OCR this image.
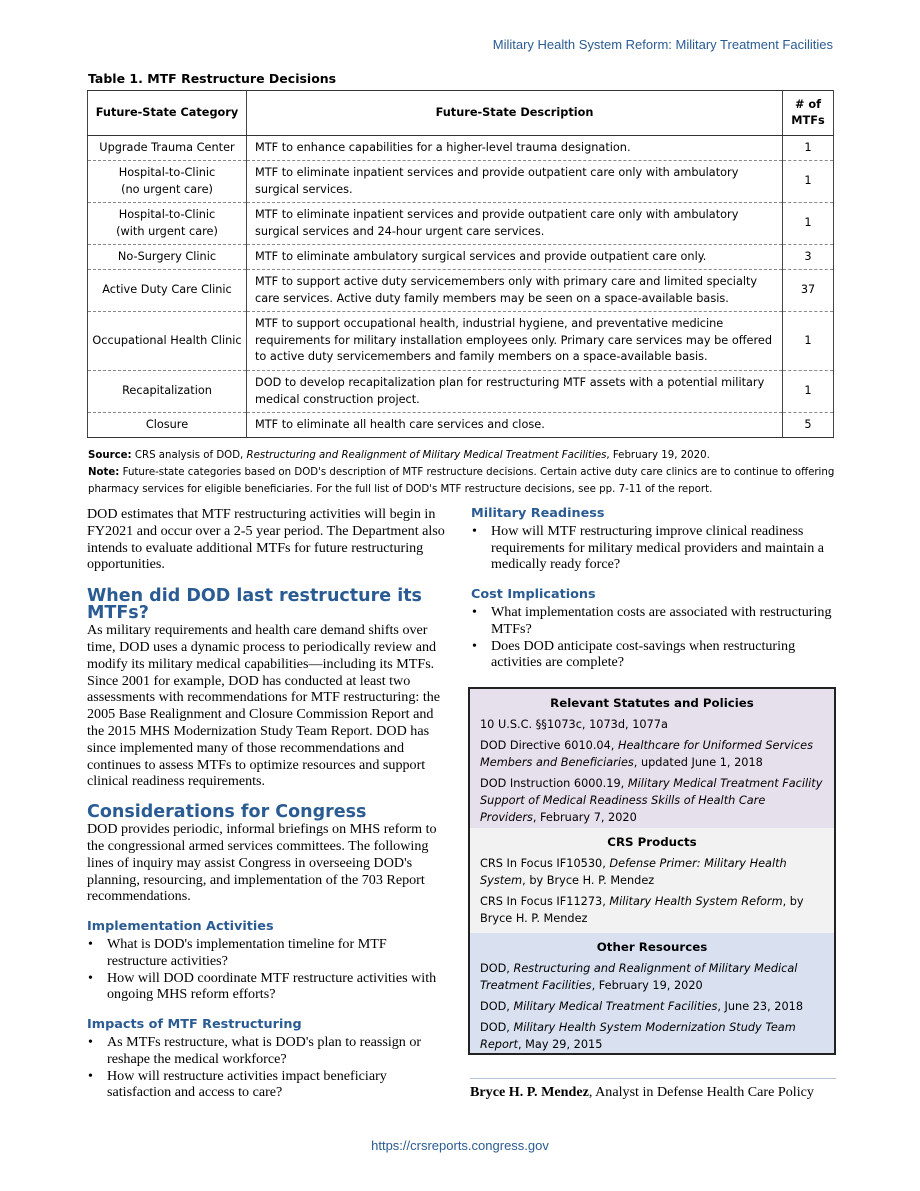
Military Health System Reform: Military Treatment Facilities
Table 1. MTF Restructure Decisions
Future-State Category	Future-State Description	# of
MTFs
Upgrade Trauma Center	MTF to enhance capabilities for a higher-level trauma designation.	1
Hospital-to-Clinic
(no urgent care)	MTF to eliminate inpatient services and provide outpatient care only with ambulatory surgical services.	1
Hospital-to-Clinic
(with urgent care)	MTF to eliminate inpatient services and provide outpatient care only with ambulatory surgical services and 24-hour urgent care services.	1
No-Surgery Clinic	MTF to eliminate ambulatory surgical services and provide outpatient care only.	3
Active Duty Care Clinic	MTF to support active duty servicemembers only with primary care and limited specialty care services. Active duty family members may be seen on a space-available basis.	37
Occupational Health Clinic	MTF to support occupational health, industrial hygiene, and preventative medicine requirements for military installation employees only. Primary care services may be offered to active duty servicemembers and family members on a space-available basis.	1
Recapitalization	DOD to develop recapitalization plan for restructuring MTF assets with a potential military medical construction project.	1
Closure	MTF to eliminate all health care services and close.	5
Source: CRS analysis of DOD, Restructuring and Realignment of Military Medical Treatment Facilities, February 19, 2020.
Note: Future-state categories based on DOD's description of MTF restructure decisions. Certain active duty care clinics are to continue to offering pharmacy services for eligible beneficiaries. For the full list of DOD's MTF restructure decisions, see pp. 7-11 of the report.

DOD estimates that MTF restructuring activities will begin in FY2021 and occur over a 2-5 year period. The Department also intends to evaluate additional MTFs for future restructuring opportunities.

When did DOD last restructure its MTFs?

As military requirements and health care demand shifts over time, DOD uses a dynamic process to periodically review and modify its military medical capabilities—including its MTFs. Since 2001 for example, DOD has conducted at least two assessments with recommendations for MTF restructuring: the 2005 Base Realignment and Closure Commission Report and the 2015 MHS Modernization Study Team Report. DOD has since implemented many of those recommendations and continues to assess MTFs to optimize resources and support clinical readiness requirements.

Considerations for Congress

DOD provides periodic, informal briefings on MHS reform to the congressional armed services committees. The following lines of inquiry may assist Congress in overseeing DOD's planning, resourcing, and implementation of the 703 Report recommendations.

Implementation Activities
• What is DOD's implementation timeline for MTF restructure activities?
• How will DOD coordinate MTF restructure activities with ongoing MHS reform efforts?
Impacts of MTF Restructuring
• As MTFs restructure, what is DOD's plan to reassign or reshape the medical workforce?
• How will restructure activities impact beneficiary satisfaction and access to care?
Military Readiness
• How will MTF restructuring improve clinical readiness requirements for military medical providers and maintain a medically ready force?
Cost Implications
• What implementation costs are associated with restructuring MTFs?
• Does DOD anticipate cost-savings when restructuring activities are complete?
Relevant Statutes and Policies
10 U.S.C. §§1073c, 1073d, 1077a
DOD Directive 6010.04, Healthcare for Uniformed Services Members and Beneficiaries, updated June 1, 2018
DOD Instruction 6000.19, Military Medical Treatment Facility Support of Medical Readiness Skills of Health Care Providers, February 7, 2020
CRS Products
CRS In Focus IF10530, Defense Primer: Military Health System, by Bryce H. P. Mendez
CRS In Focus IF11273, Military Health System Reform, by Bryce H. P. Mendez
Other Resources
DOD, Restructuring and Realignment of Military Medical Treatment Facilities, February 19, 2020
DOD, Military Medical Treatment Facilities, June 23, 2018
DOD, Military Health System Modernization Study Team Report, May 29, 2015
Bryce H. P. Mendez, Analyst in Defense Health Care Policy
https://crsreports.congress.gov
